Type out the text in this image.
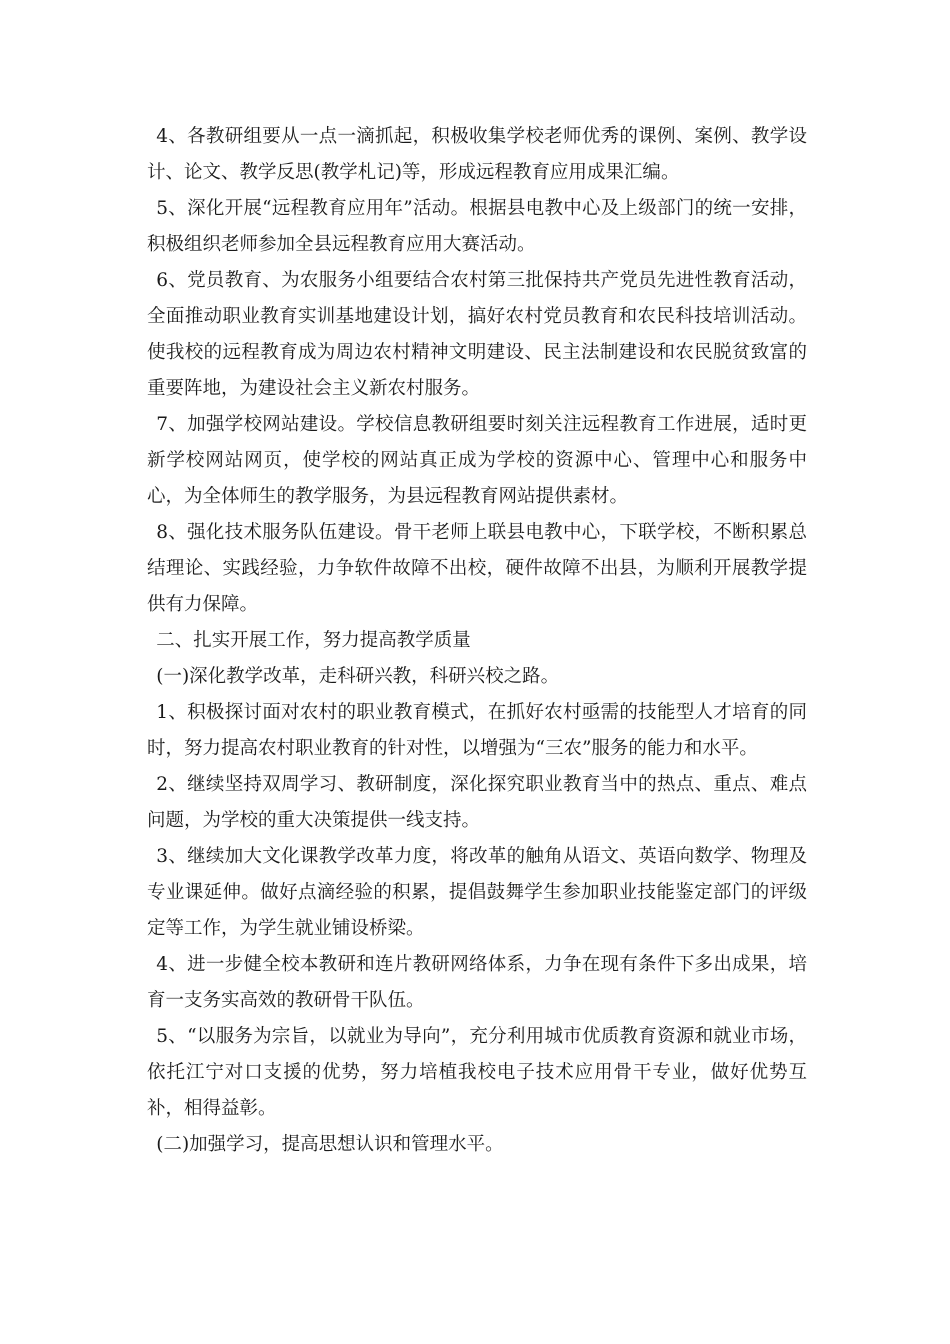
4、各教研组要从一点一滴抓起，积极收集学校老师优秀的课例、案例、教学设计、论文、教学反思(教学札记)等，形成远程教育应用成果汇编。

5、深化开展“远程教育应用年”活动。根据县电教中心及上级部门的统一安排，积极组织老师参加全县远程教育应用大赛活动。

6、党员教育、为农服务小组要结合农村第三批保持共产党员先进性教育活动，全面推动职业教育实训基地建设计划，搞好农村党员教育和农民科技培训活动。使我校的远程教育成为周边农村精神文明建设、民主法制建设和农民脱贫致富的重要阵地，为建设社会主义新农村服务。

7、加强学校网站建设。学校信息教研组要时刻关注远程教育工作进展，适时更新学校网站网页，使学校的网站真正成为学校的资源中心、管理中心和服务中心，为全体师生的教学服务，为县远程教育网站提供素材。

8、强化技术服务队伍建设。骨干老师上联县电教中心，下联学校，不断积累总结理论、实践经验，力争软件故障不出校，硬件故障不出县，为顺利开展教学提供有力保障。

二、扎实开展工作，努力提高教学质量

(一)深化教学改革，走科研兴教，科研兴校之路。

1、积极探讨面对农村的职业教育模式，在抓好农村亟需的技能型人才培育的同时，努力提高农村职业教育的针对性，以增强为“三农”服务的能力和水平。

2、继续坚持双周学习、教研制度，深化探究职业教育当中的热点、重点、难点问题，为学校的重大决策提供一线支持。

3、继续加大文化课教学改革力度，将改革的触角从语文、英语向数学、物理及专业课延伸。做好点滴经验的积累，提倡鼓舞学生参加职业技能鉴定部门的评级定等工作，为学生就业铺设桥梁。

4、进一步健全校本教研和连片教研网络体系，力争在现有条件下多出成果，培育一支务实高效的教研骨干队伍。

5、“以服务为宗旨，以就业为导向”，充分利用城市优质教育资源和就业市场，依托江宁对口支援的优势，努力培植我校电子技术应用骨干专业，做好优势互补，相得益彰。

(二)加强学习，提高思想认识和管理水平。
